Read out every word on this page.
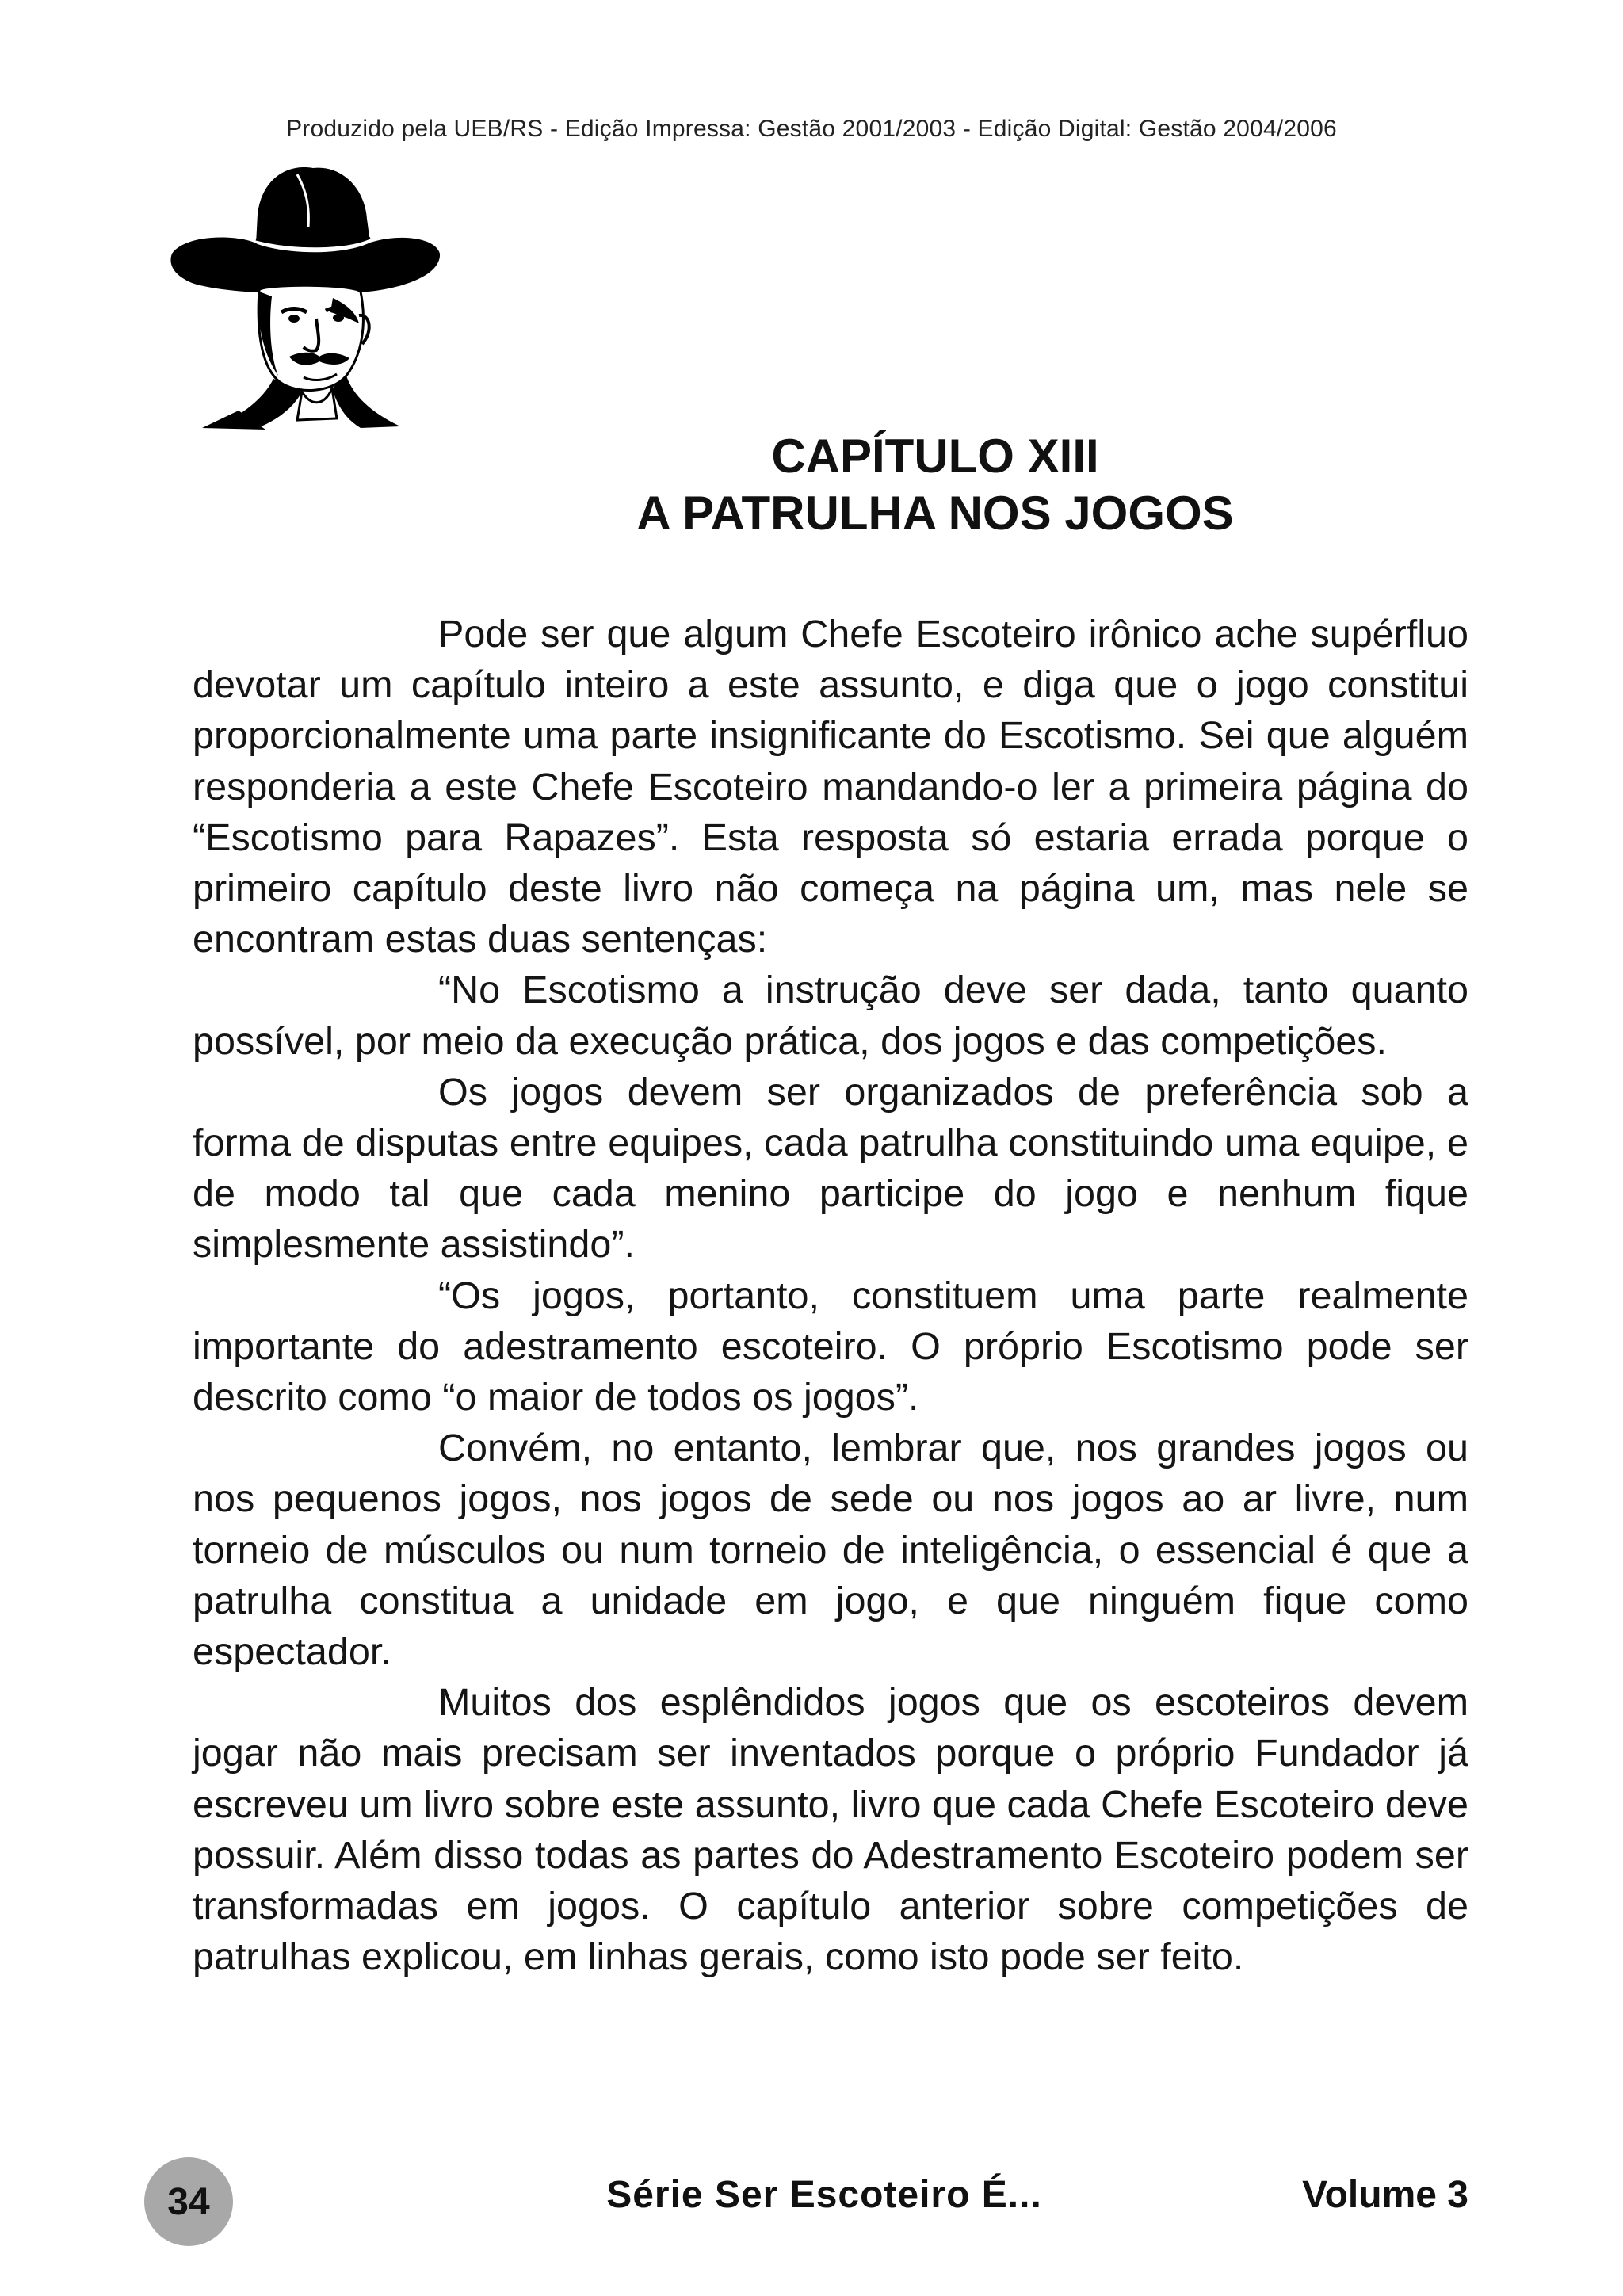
Produzido pela UEB/RS - Edição Impressa: Gestão 2001/2003 - Edição Digital: Gestão 2004/2006
CAPÍTULO XIII
A PATRULHA NOS JOGOS

Pode ser que algum Chefe Escoteiro irônico ache supérfluo devotar um capítulo inteiro a este assunto, e diga que o jogo constitui proporcionalmente uma parte insignificante do Escotismo. Sei que alguém responderia a este Chefe Escoteiro mandando-o ler a primeira página do “Escotismo para Rapazes”. Esta resposta só estaria errada porque o primeiro capítulo deste livro não começa na página um, mas nele se encontram estas duas sentenças:

“No Escotismo a instrução deve ser dada, tanto quanto possível, por meio da execução prática, dos jogos e das competições.

Os jogos devem ser organizados de preferência sob a forma de disputas entre equipes, cada patrulha constituindo uma equipe, e de modo tal que cada menino participe do jogo e nenhum fique simplesmente assistindo”.

“Os jogos, portanto, constituem uma parte realmente importante do adestramento escoteiro. O próprio Escotismo pode ser descrito como “o maior de todos os jogos”.

Convém, no entanto, lembrar que, nos grandes jogos ou nos pequenos jogos, nos jogos de sede ou nos jogos ao ar livre, num torneio de músculos ou num torneio de inteligência, o essencial é que a patrulha constitua a unidade em jogo, e que ninguém fique como espectador.

Muitos dos esplêndidos jogos que os escoteiros devem jogar não mais precisam ser inventados porque o próprio Fundador já escreveu um livro sobre este assunto, livro que cada Chefe Escoteiro deve possuir. Além disso todas as partes do Adestramento Escoteiro podem ser transformadas em jogos. O capítulo anterior sobre competições de patrulhas explicou, em linhas gerais, como isto pode ser feito.

34	Série Ser Escoteiro É...	Volume 3
